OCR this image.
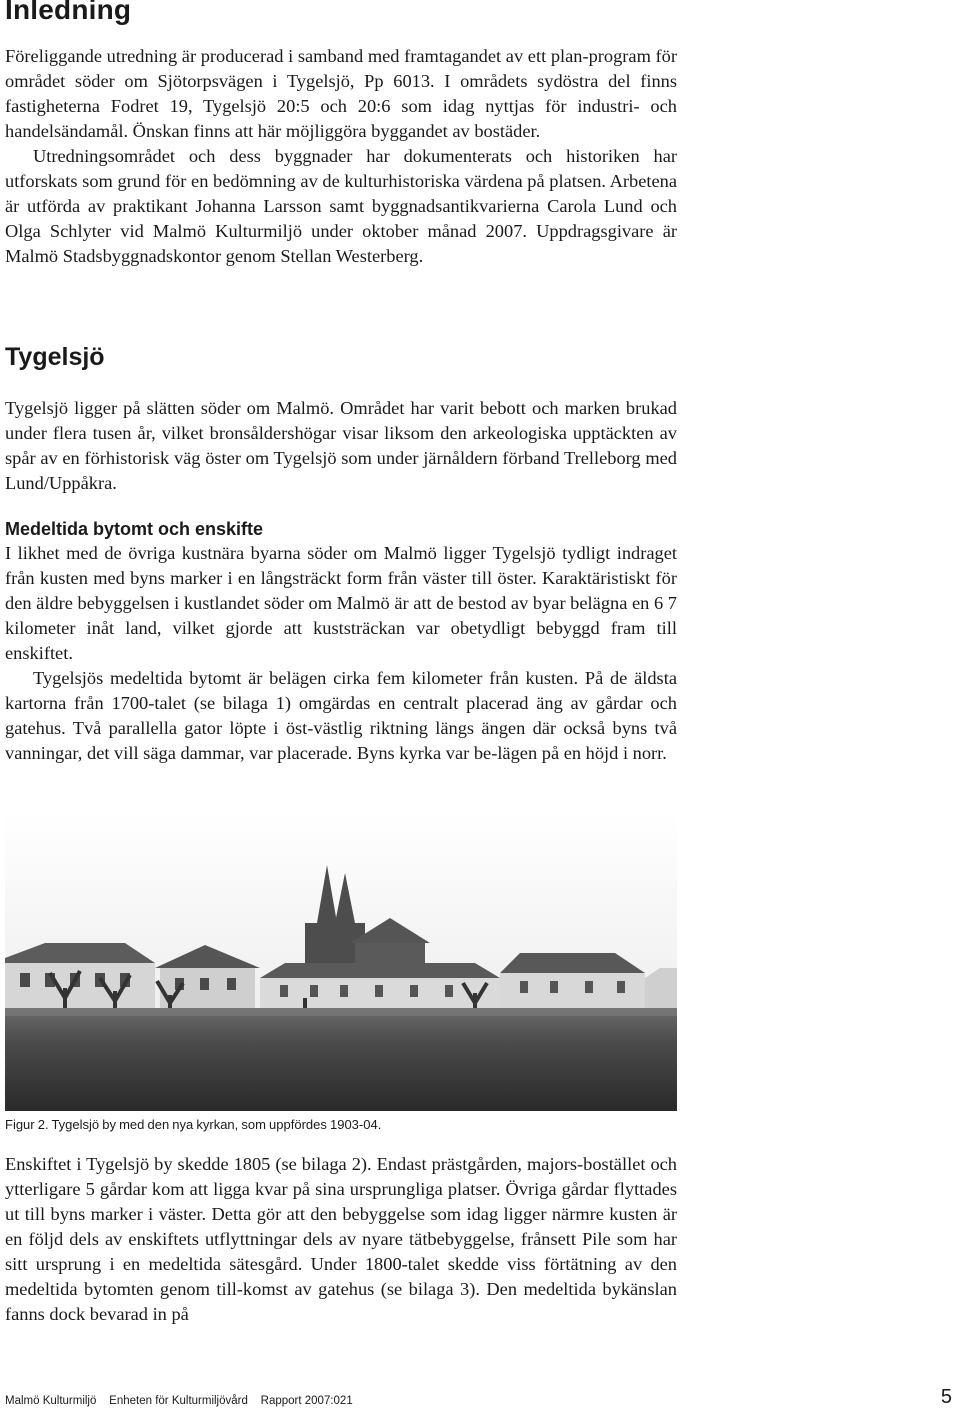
Inledning

Föreliggande utredning är producerad i samband med framtagandet av ett plan-program för området söder om Sjötorpsvägen i Tygelsjö, Pp 6013. I områdets sydöstra del finns fastigheterna Fodret 19, Tygelsjö 20:5 och 20:6 som idag nyttjas för industri- och handelsändamål. Önskan finns att här möjliggöra byggandet av bostäder.

Utredningsområdet och dess byggnader har dokumenterats och historiken har utforskats som grund för en bedömning av de kulturhistoriska värdena på platsen. Arbetena är utförda av praktikant Johanna Larsson samt byggnadsantikvarierna Carola Lund och Olga Schlyter vid Malmö Kulturmiljö under oktober månad 2007. Uppdragsgivare är Malmö Stadsbyggnadskontor genom Stellan Westerberg.

Tygelsjö

Tygelsjö ligger på slätten söder om Malmö. Området har varit bebott och marken brukad under flera tusen år, vilket bronsåldershögar visar liksom den arkeologiska upptäckten av spår av en förhistorisk väg öster om Tygelsjö som under järnåldern förband Trelleborg med Lund/Uppåkra.

Medeltida bytomt och enskifte

I likhet med de övriga kustnära byarna söder om Malmö ligger Tygelsjö tydligt indraget från kusten med byns marker i en långsträckt form från väster till öster. Karaktäristiskt för den äldre bebyggelsen i kustlandet söder om Malmö är att de bestod av byar belägna en 6 7 kilometer inåt land, vilket gjorde att kuststräckan var obetydligt bebyggd fram till enskiftet.

Tygelsjös medeltida bytomt är belägen cirka fem kilometer från kusten. På de äldsta kartorna från 1700-talet (se bilaga 1) omgärdas en centralt placerad äng av gårdar och gatehus. Två parallella gator löpte i öst-västlig riktning längs ängen där också byns två vanningar, det vill säga dammar, var placerade. Byns kyrka var be-lägen på en höjd i norr.

Figur 2. Tygelsjö by med den nya kyrkan, som uppfördes 1903-04.

Enskiftet i Tygelsjö by skedde 1805 (se bilaga 2). Endast prästgården, majors-bostället och ytterligare 5 gårdar kom att ligga kvar på sina ursprungliga platser. Övriga gårdar flyttades ut till byns marker i väster. Detta gör att den bebyggelse som idag ligger närmre kusten är en följd dels av enskiftets utflyttningar dels av nyare tätbebyggelse, frånsett Pile som har sitt ursprung i en medeltida sätesgård. Under 1800-talet skedde viss förtätning av den medeltida bytomten genom till-komst av gatehus (se bilaga 3). Den medeltida bykänslan fanns dock bevarad in på

Malmö Kulturmiljö    Enheten för Kulturmiljövård    Rapport 2007:021	5
